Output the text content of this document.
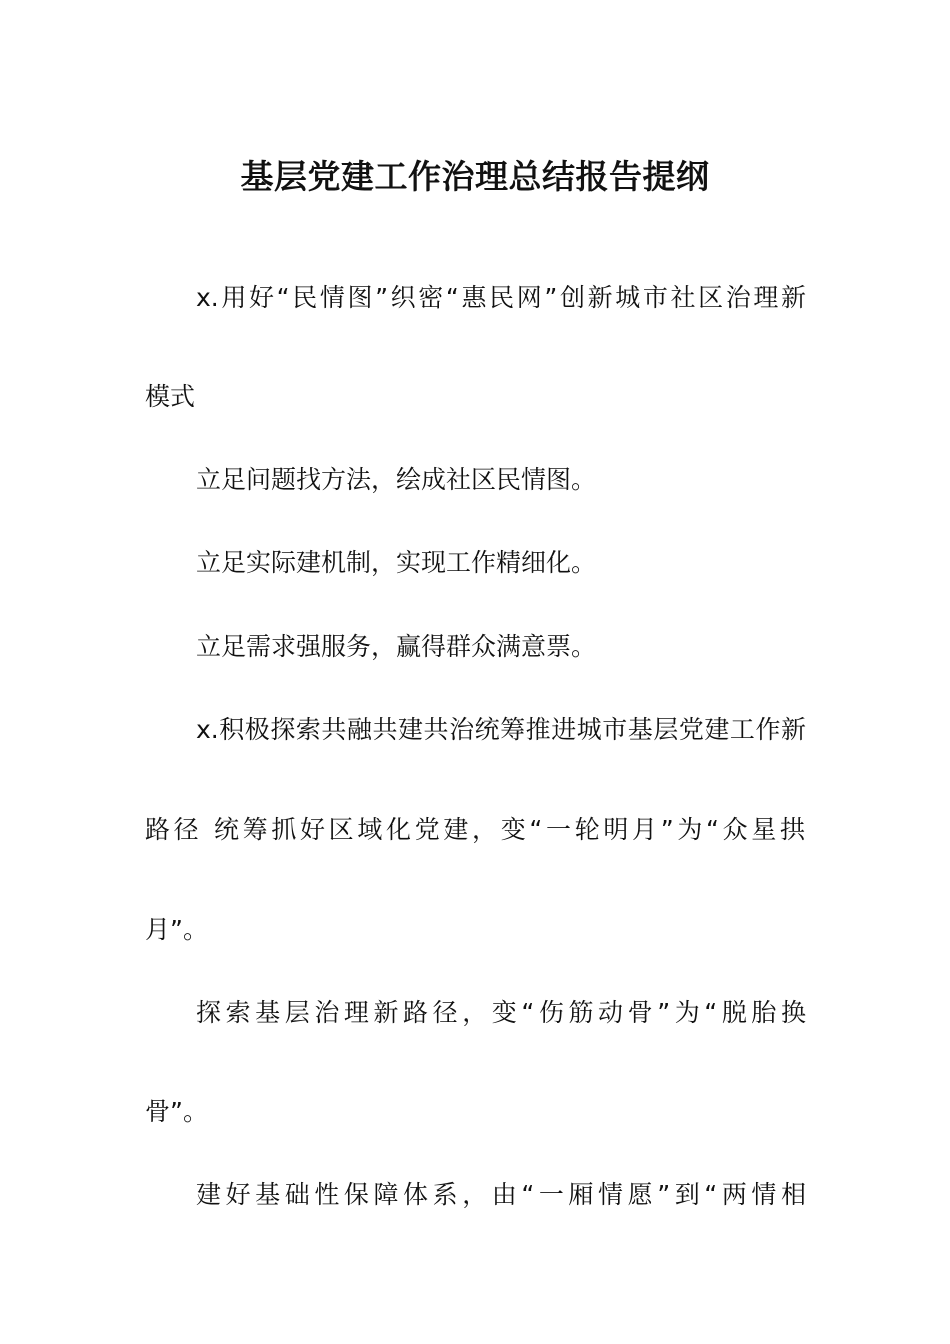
基层党建工作治理总结报告提纲
x.用好“民情图”织密“惠民网”创新城市社区治理新
模式
立足问题找方法，绘成社区民情图。
立足实际建机制，实现工作精细化。
立足需求强服务，赢得群众满意票。
x.积极探索共融共建共治统筹推进城市基层党建工作新
路径 统筹抓好区域化党建，变“一轮明月”为“众星拱
月”。
探索基层治理新路径，变“伤筋动骨”为“脱胎换
骨”。
建好基础性保障体系，由“一厢情愿”到“两情相
